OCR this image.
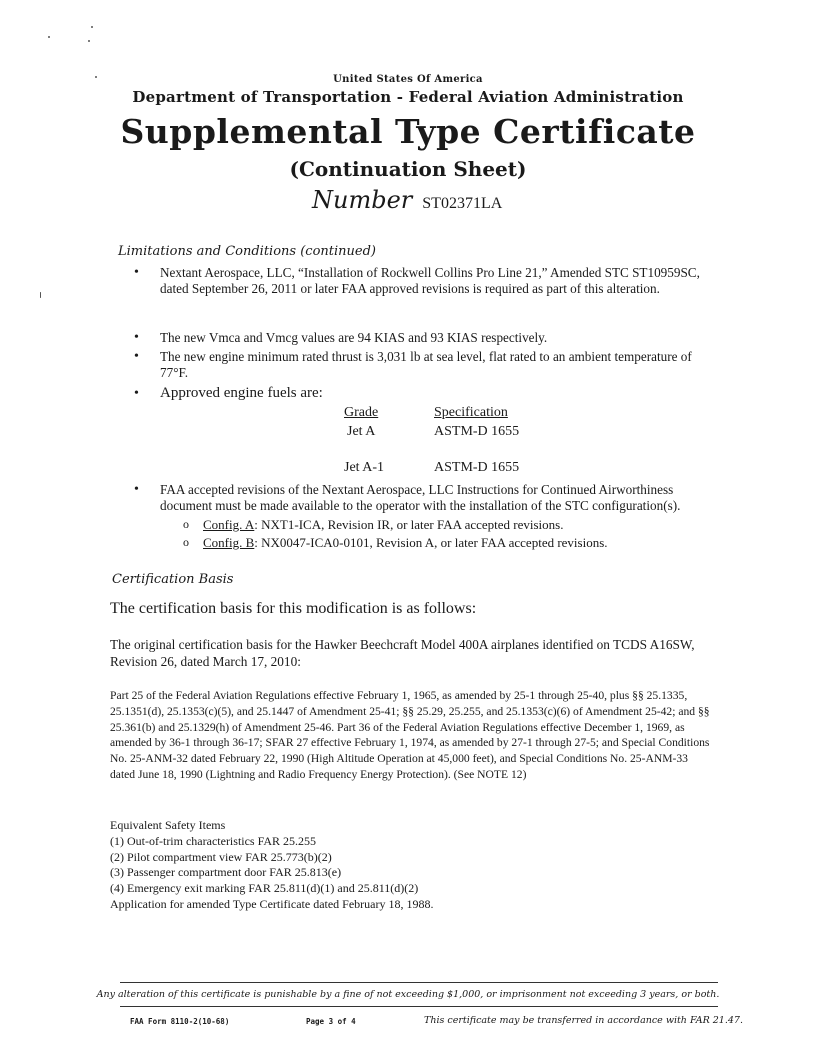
United States Of America
Department of Transportation - Federal Aviation Administration
Supplemental Type Certificate
(Continuation Sheet)
Number ST02371LA
Limitations and Conditions (continued)
• Nextant Aerospace, LLC, “Installation of Rockwell Collins Pro Line 21,” Amended STC ST10959SC, dated September 26, 2011 or later FAA approved revisions is required as part of this alteration.
• The new Vmca and Vmcg values are 94 KIAS and 93 KIAS respectively.
• The new engine minimum rated thrust is 3,031 lb at sea level, flat rated to an ambient temperature of 77°F.
• Approved engine fuels are:
Grade	Specification
Jet A	ASTM-D 1655
Jet A-1	ASTM-D 1655
• FAA accepted revisions of the Nextant Aerospace, LLC Instructions for Continued Airworthiness document must be made available to the operator with the installation of the STC configuration(s).
o Config. A: NXT1-ICA, Revision IR, or later FAA accepted revisions.
o Config. B: NX0047-ICA0-0101, Revision A, or later FAA accepted revisions.
Certification Basis
The certification basis for this modification is as follows:
The original certification basis for the Hawker Beechcraft Model 400A airplanes identified on TCDS A16SW, Revision 26, dated March 17, 2010:
Part 25 of the Federal Aviation Regulations effective February 1, 1965, as amended by 25-1 through 25-40, plus §§ 25.1335, 25.1351(d), 25.1353(c)(5), and 25.1447 of Amendment 25-41; §§ 25.29, 25.255, and 25.1353(c)(6) of Amendment 25-42; and §§ 25.361(b) and 25.1329(h) of Amendment 25-46. Part 36 of the Federal Aviation Regulations effective December 1, 1969, as amended by 36-1 through 36-17; SFAR 27 effective February 1, 1974, as amended by 27-1 through 27-5; and Special Conditions No. 25-ANM-32 dated February 22, 1990 (High Altitude Operation at 45,000 feet), and Special Conditions No. 25-ANM-33 dated June 18, 1990 (Lightning and Radio Frequency Energy Protection). (See NOTE 12)
Equivalent Safety Items
(1) Out-of-trim characteristics FAR 25.255
(2) Pilot compartment view FAR 25.773(b)(2)
(3) Passenger compartment door FAR 25.813(e)
(4) Emergency exit marking FAR 25.811(d)(1) and 25.811(d)(2)
Application for amended Type Certificate dated February 18, 1988.
Any alteration of this certificate is punishable by a fine of not exceeding $1,000, or imprisonment not exceeding 3 years, or both.
FAA Form 8110-2(10-68)	Page 3 of 4	This certificate may be transferred in accordance with FAR 21.47.
